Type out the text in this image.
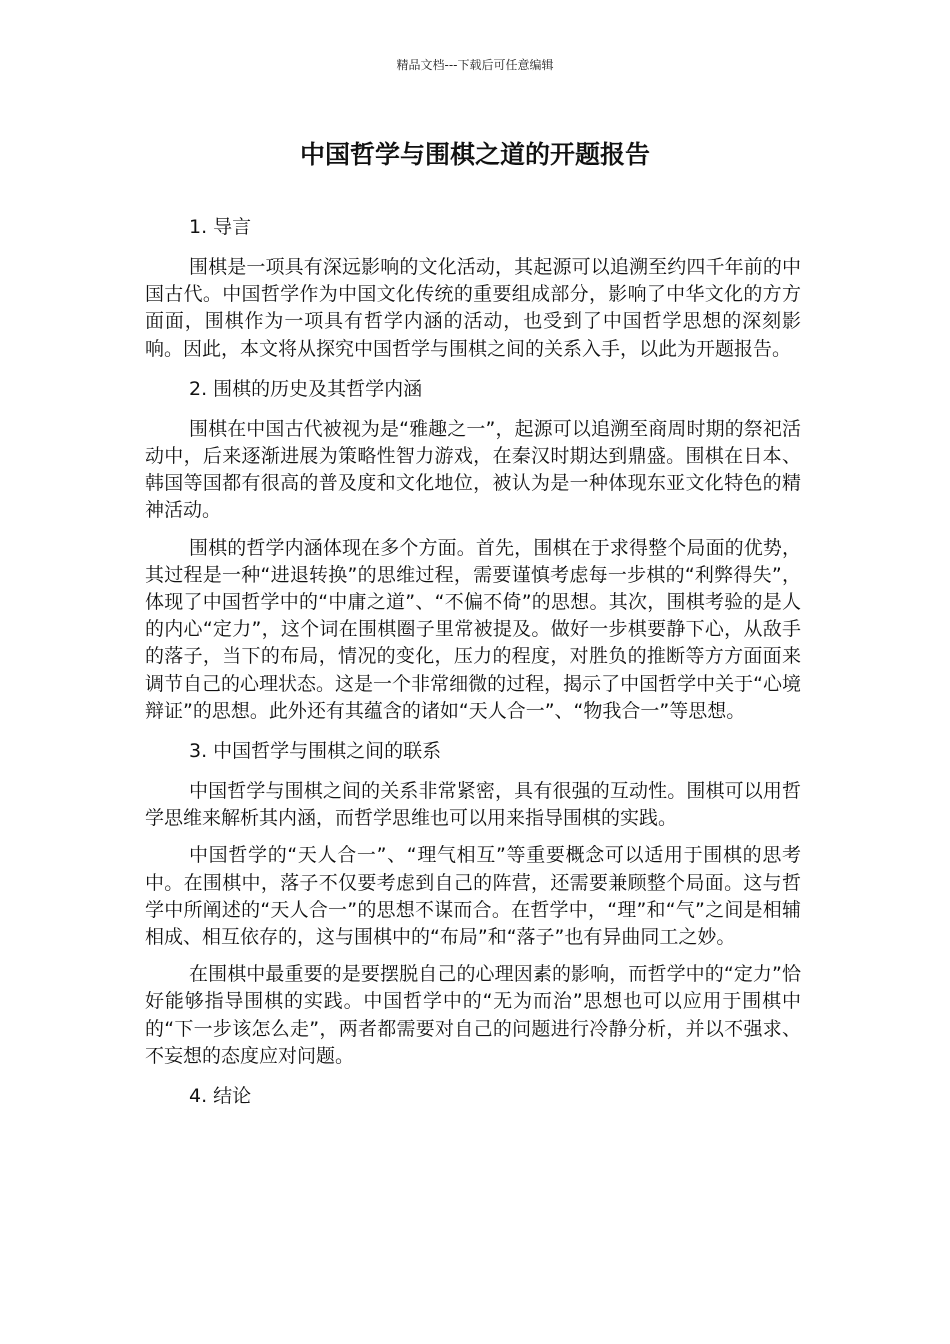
精品文档---下载后可任意编辑
中国哲学与围棋之道的开题报告

1. 导言

围棋是一项具有深远影响的文化活动，其起源可以追溯至约四千年前的中国古代。中国哲学作为中国文化传统的重要组成部分，影响了中华文化的方方面面，围棋作为一项具有哲学内涵的活动，也受到了中国哲学思想的深刻影响。因此，本文将从探究中国哲学与围棋之间的关系入手，以此为开题报告。

2. 围棋的历史及其哲学内涵

围棋在中国古代被视为是“雅趣之一”，起源可以追溯至商周时期的祭祀活动中，后来逐渐进展为策略性智力游戏，在秦汉时期达到鼎盛。围棋在日本、韩国等国都有很高的普及度和文化地位，被认为是一种体现东亚文化特色的精神活动。

围棋的哲学内涵体现在多个方面。首先，围棋在于求得整个局面的优势，其过程是一种“进退转换”的思维过程，需要谨慎考虑每一步棋的“利弊得失”，体现了中国哲学中的“中庸之道”、“不偏不倚”的思想。其次，围棋考验的是人的内心“定力”，这个词在围棋圈子里常被提及。做好一步棋要静下心，从敌手的落子，当下的布局，情况的变化，压力的程度，对胜负的推断等方方面面来调节自己的心理状态。这是一个非常细微的过程，揭示了中国哲学中关于“心境辩证”的思想。此外还有其蕴含的诸如“天人合一”、“物我合一”等思想。

3. 中国哲学与围棋之间的联系

中国哲学与围棋之间的关系非常紧密，具有很强的互动性。围棋可以用哲学思维来解析其内涵，而哲学思维也可以用来指导围棋的实践。

中国哲学的“天人合一”、“理气相互”等重要概念可以适用于围棋的思考中。在围棋中，落子不仅要考虑到自己的阵营，还需要兼顾整个局面。这与哲学中所阐述的“天人合一”的思想不谋而合。在哲学中，“理”和“气”之间是相辅相成、相互依存的，这与围棋中的“布局”和“落子”也有异曲同工之妙。

在围棋中最重要的是要摆脱自己的心理因素的影响，而哲学中的“定力”恰好能够指导围棋的实践。中国哲学中的“无为而治”思想也可以应用于围棋中的“下一步该怎么走”，两者都需要对自己的问题进行冷静分析，并以不强求、不妄想的态度应对问题。

4. 结论
